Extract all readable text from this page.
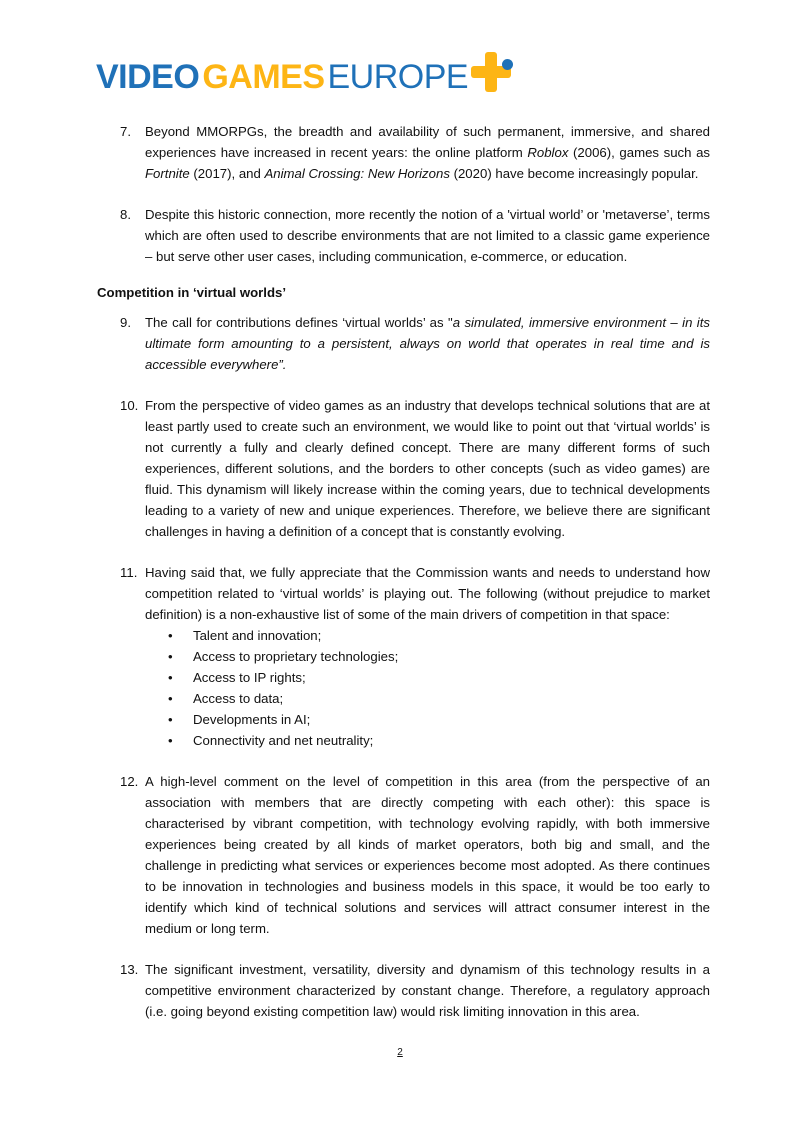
VIDEO GAMES EUROPE
7.	Beyond MMORPGs, the breadth and availability of such permanent, immersive, and shared experiences have increased in recent years: the online platform Roblox (2006), games such as Fortnite (2017), and Animal Crossing: New Horizons (2020) have become increasingly popular.
8.	Despite this historic connection, more recently the notion of a 'virtual world’ or 'metaverse’, terms which are often used to describe environments that are not limited to a classic game experience – but serve other user cases, including communication, e-commerce, or education.
Competition in ‘virtual worlds’
9.	The call for contributions defines ‘virtual worlds’ as "a simulated, immersive environment – in its ultimate form amounting to a persistent, always on world that operates in real time and is accessible everywhere”.
10. From the perspective of video games as an industry that develops technical solutions that are at least partly used to create such an environment, we would like to point out that ‘virtual worlds’ is not currently a fully and clearly defined concept. There are many different forms of such experiences, different solutions, and the borders to other concepts (such as video games) are fluid. This dynamism will likely increase within the coming years, due to technical developments leading to a variety of new and unique experiences. Therefore, we believe there are significant challenges in having a definition of a concept that is constantly evolving.
11. Having said that, we fully appreciate that the Commission wants and needs to understand how competition related to ‘virtual worlds’ is playing out. The following (without prejudice to market definition) is a non-exhaustive list of some of the main drivers of competition in that space:
•	Talent and innovation;
•	Access to proprietary technologies;
•	Access to IP rights;
•	Access to data;
•	Developments in AI;
•	Connectivity and net neutrality;
12. A high-level comment on the level of competition in this area (from the perspective of an association with members that are directly competing with each other): this space is characterised by vibrant competition, with technology evolving rapidly, with both immersive experiences being created by all kinds of market operators, both big and small, and the challenge in predicting what services or experiences become most adopted. As there continues to be innovation in technologies and business models in this space, it would be too early to identify which kind of technical solutions and services will attract consumer interest in the medium or long term.
13. The significant investment, versatility, diversity and dynamism of this technology results in a competitive environment characterized by constant change. Therefore, a regulatory approach (i.e. going beyond existing competition law) would risk limiting innovation in this area.
2
